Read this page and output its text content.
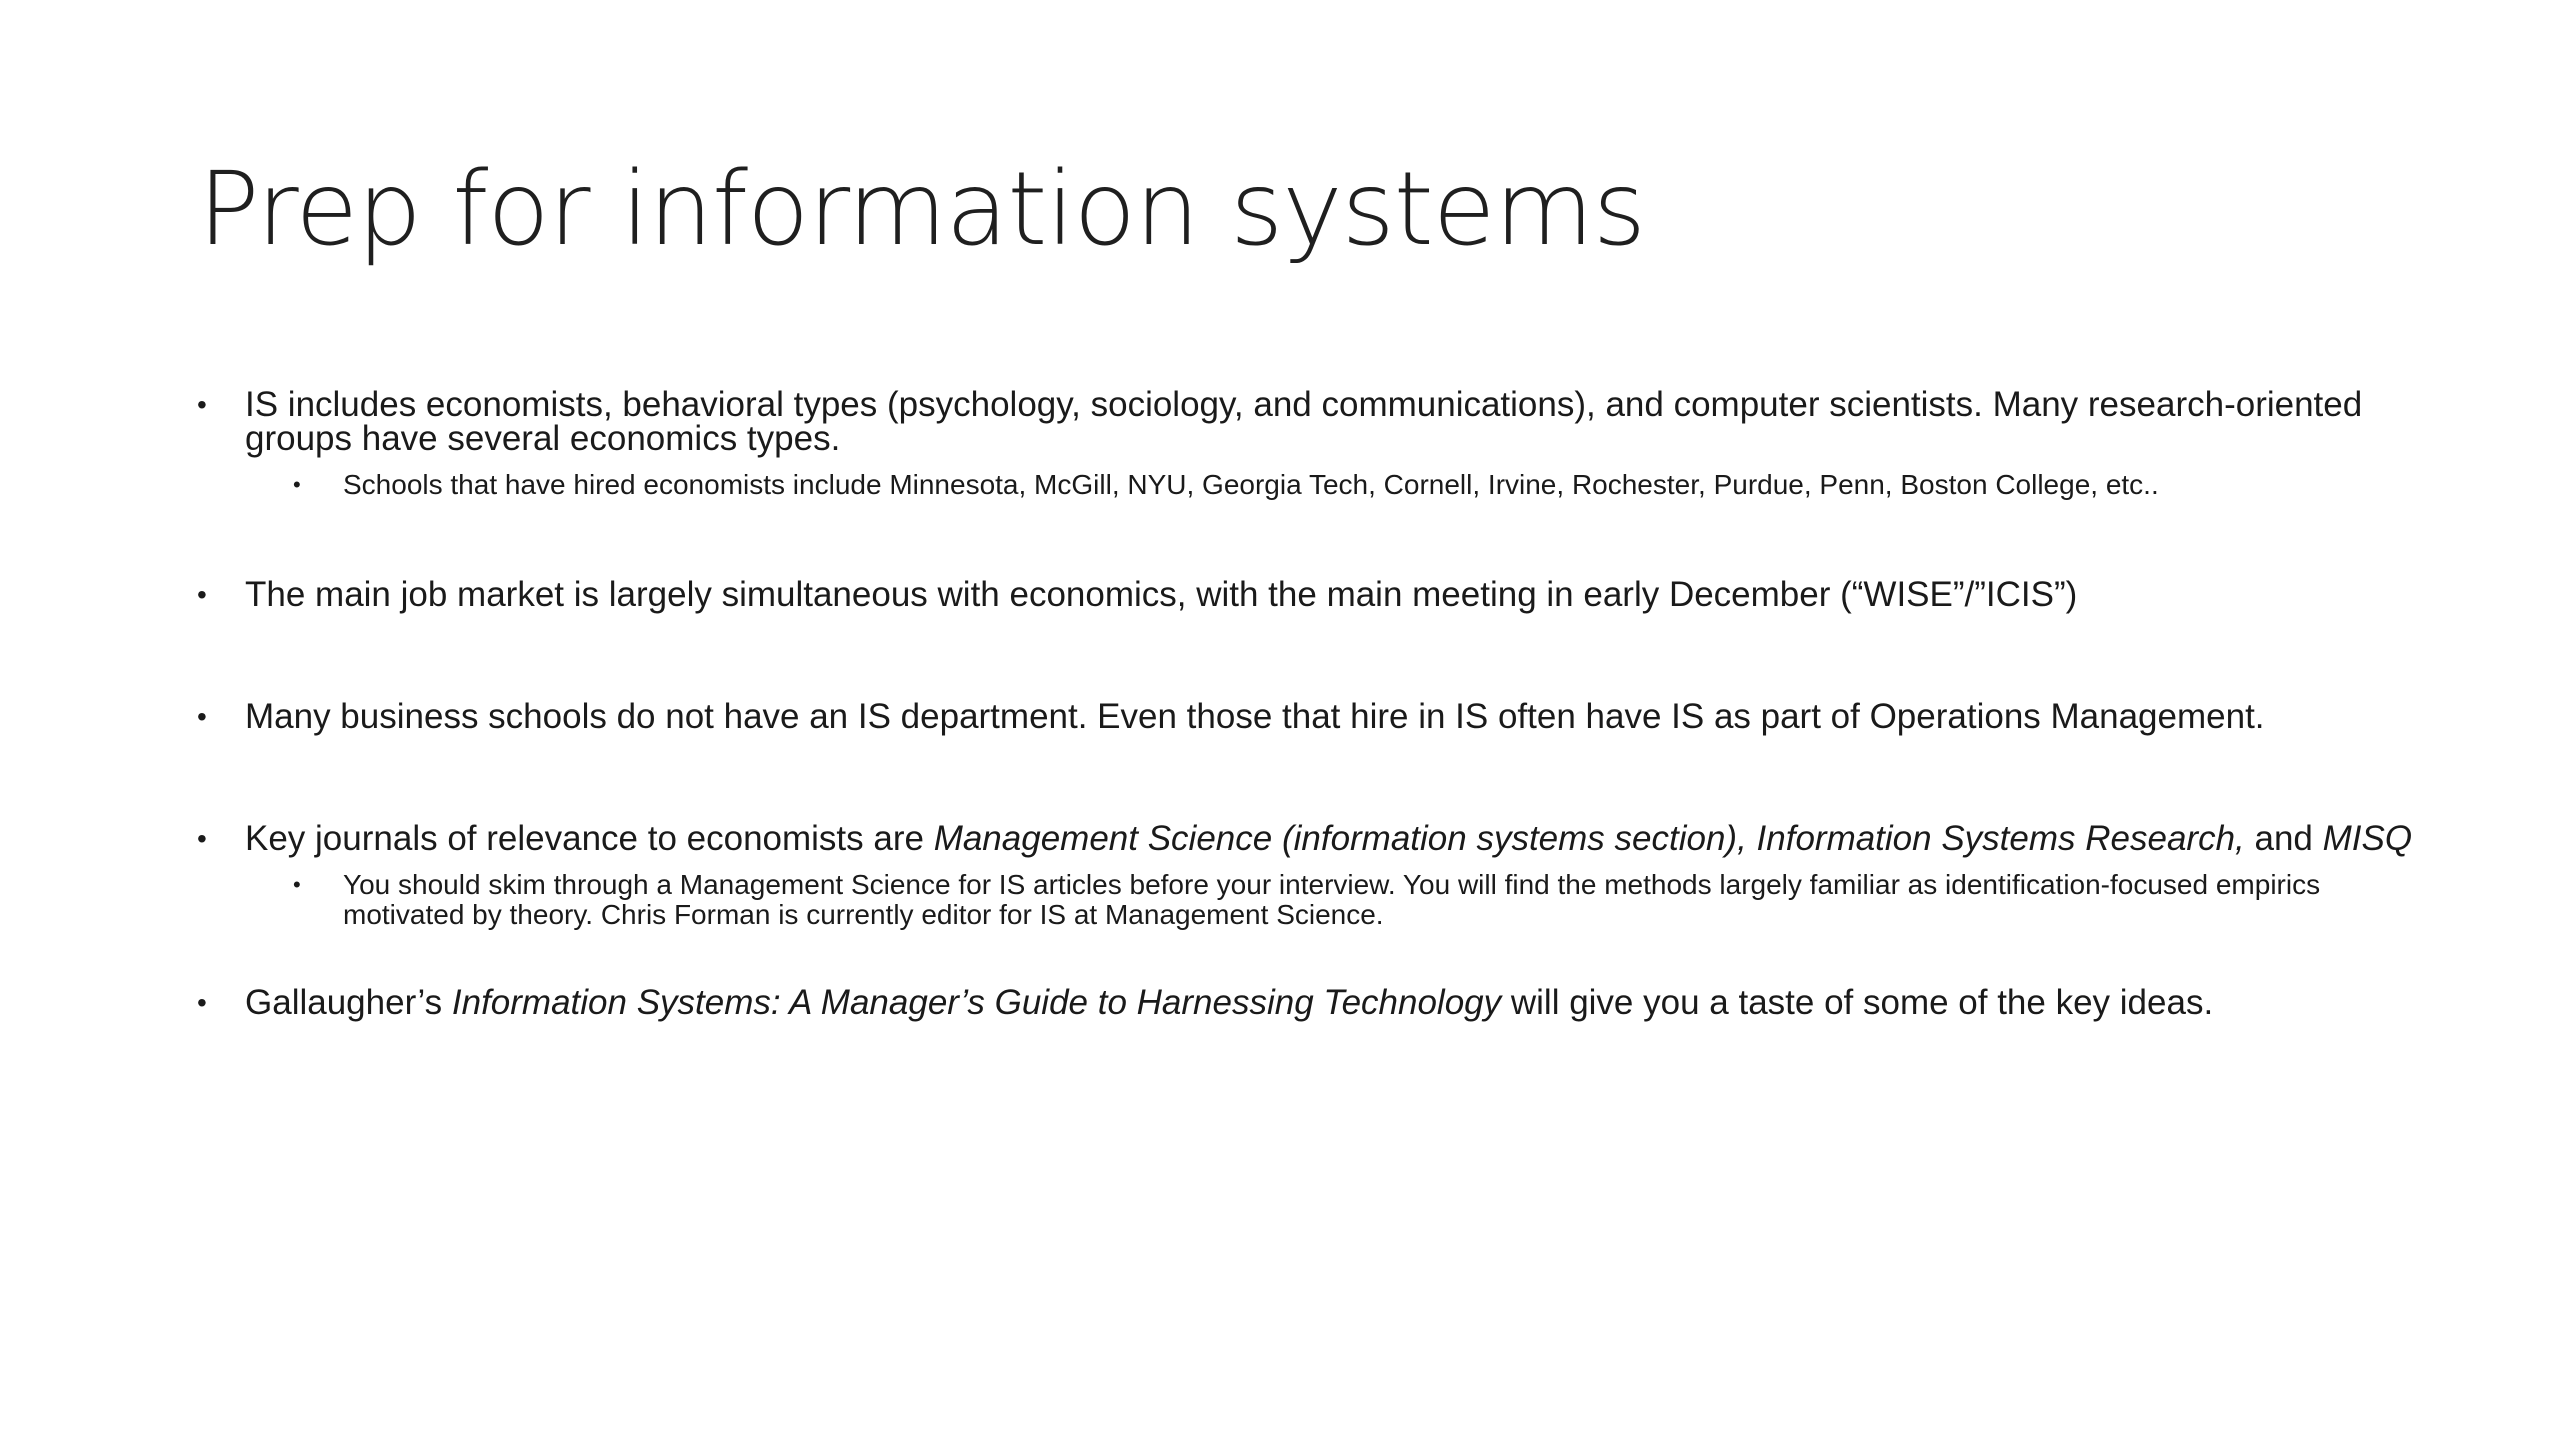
Prep for information systems
• IS includes economists, behavioral types (psychology, sociology, and communications), and computer scientists. Many research-oriented groups have several economics types.
• Schools that have hired economists include Minnesota, McGill, NYU, Georgia Tech, Cornell, Irvine, Rochester, Purdue, Penn, Boston College, etc..
• The main job market is largely simultaneous with economics, with the main meeting in early December (“WISE”/”ICIS”)
• Many business schools do not have an IS department. Even those that hire in IS often have IS as part of Operations Management.
• Key journals of relevance to economists are Management Science (information systems section), Information Systems Research, and MISQ
• You should skim through a Management Science for IS articles before your interview. You will find the methods largely familiar as identification-focused empirics motivated by theory. Chris Forman is currently editor for IS at Management Science.
• Gallaugher’s Information Systems: A Manager’s Guide to Harnessing Technology will give you a taste of some of the key ideas.
